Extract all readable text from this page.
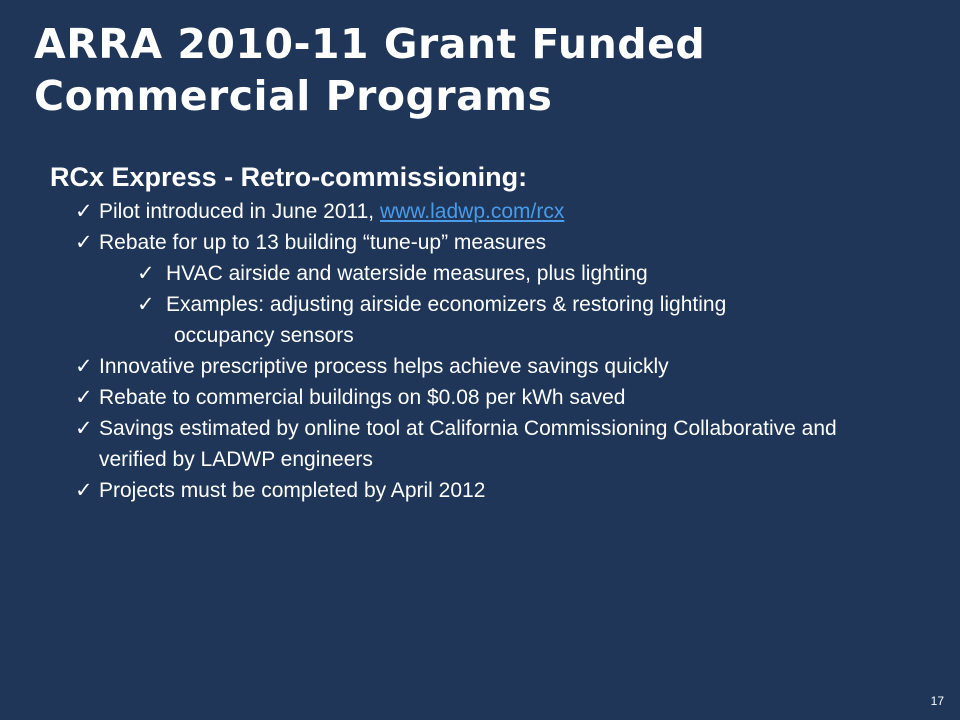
ARRA 2010-11 Grant Funded
Commercial Programs
RCx Express - Retro-commissioning:
✓ Pilot introduced in June 2011, www.ladwp.com/rcx
✓ Rebate for up to 13 building “tune-up” measures
✓ HVAC airside and waterside measures, plus lighting
✓ Examples: adjusting airside economizers & restoring lighting
occupancy sensors
✓ Innovative prescriptive process helps achieve savings quickly
✓ Rebate to commercial buildings on $0.08 per kWh saved
✓ Savings estimated by online tool at California Commissioning Collaborative and verified by LADWP engineers
✓ Projects must be completed by April 2012
17
